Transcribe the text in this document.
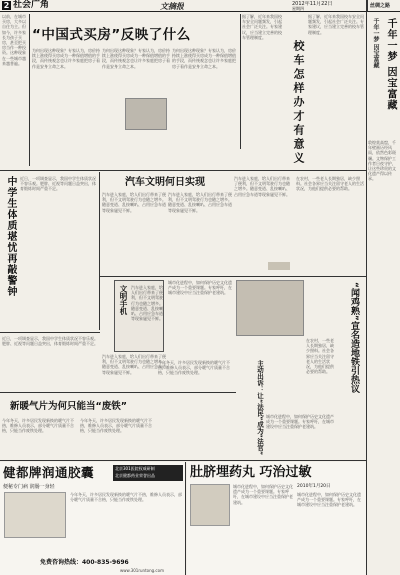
2 社会广角	文摘报	2012年11月22日
星期四	丝绸之路
以前，在城市买房，大多以自住为主。但如今，许多家长为孩子买房，甚至把买房当作一种投资。这种现象在一些城市越来越普遍。
“中国式买房”反映了什么
为何出现这种现象？专家认为，房价持续上涨使得买房成为一种保值增值的手段，而传统观念也让许多家庭把房子看作是安身立命之本。
为何出现这种现象？专家认为，房价持续上涨使得买房成为一种保值增值的手段，而传统观念也让许多家庭把房子看作是安身立命之本。
为何出现这种现象？专家认为，房价持续上涨使得买房成为一种保值增值的手段，而传统观念也让许多家庭把房子看作是安身立命之本。
据了解，近年来我国校车安全问题频发，引起社会广泛关注。专家建议，应当建立完善的校车管理制度。
校车怎样办才有意义
据了解，近年来我国校车安全问题频发，引起社会广泛关注。专家建议，应当建立完善的校车管理制度。	千年一梦 因宝富藏
千年一梦 因宝富藏
敦煌莫高窟，千年壁画历经风雨，依然色彩斑斓。文物保护工作者日夜守护，让这些珍贵的文化遗产得以传承。
中学生体质堪忧再敲警钟 近日，一项调查显示，我国中学生体质状况不容乐观。肥胖、近视等问题日益突出，体育锻炼时间严重不足。
汽车文明何日实现
汽车进入家庭，给人们出行带来了便利，但不文明驾驶行为也随之增多。随意变道、乱按喇叭、占用应急车道等现象屡见不鲜。
汽车进入家庭，给人们出行带来了便利，但不文明驾驶行为也随之增多。随意变道、乱按喇叭、占用应急车道等现象屡见不鲜。
汽车进入家庭，给人们出行带来了便利，但不文明驾驶行为也随之增多。随意变道、乱按喇叭、占用应急车道等现象屡见不鲜。
在农村，一些老人长期独居，缺少照料。社会各界应当关注留守老人的生活状况，为他们提供必要的帮助。
文明手机 汽车进入家庭，给人们出行带来了便利，但不文明驾驶行为也随之增多。随意变道、乱按喇叭、占用应急车道等现象屡见不鲜。
汽车进入家庭，给人们出行带来了便利，但不文明驾驶行为也随之增多。随意变道、乱按喇叭、占用应急车道等现象屡见不鲜。
城市化进程中，如何保护历史文化遗产成为一个重要课题。专家呼吁，在城市建设中应当注重保护老建筑。	“闻鸡熟”宣名造地铁引热议
在农村，一些老人长期独居，缺少照料。社会各界应当关注留守老人的生活状况，为他们提供必要的帮助。
近日，一项调查显示，我国中学生体质状况不容乐观。肥胖、近视等问题日益突出，体育锻炼时间严重不足。
新暖气片为何只能当“废铁”
今年冬天，许多居民发现新换的暖气片不热，维修人员表示，部分暖气片质量不合格，只能当作废铁处理。
今年冬天，许多居民发现新换的暖气片不热，维修人员表示，部分暖气片质量不合格，只能当作废铁处理。
今年冬天，许多居民发现新换的暖气片不热，维修人员表示，部分暖气片质量不合格，只能当作废铁处理。	主动出诉：让“法民”成为“法官” 城市化进程中，如何保护历史文化遗产成为一个重要课题。专家呼吁，在城市建设中应当注重保护老建筑。
健都牌润通胶囊	北京301医院权威研制
北京健都药业荣誉出品
便秘专门病 润肠一身轻
今年冬天，许多居民发现新换的暖气片不热，维修人员表示，部分暖气片质量不合格，只能当作废铁处理。
免费咨询热线：400-835-9696
www.301runtong.com
肚脐埋药丸 巧治过敏
城市化进程中，如何保护历史文化遗产成为一个重要课题。专家呼吁，在城市建设中应当注重保护老建筑。
2010年1月20日
城市化进程中，如何保护历史文化遗产成为一个重要课题。专家呼吁，在城市建设中应当注重保护老建筑。
